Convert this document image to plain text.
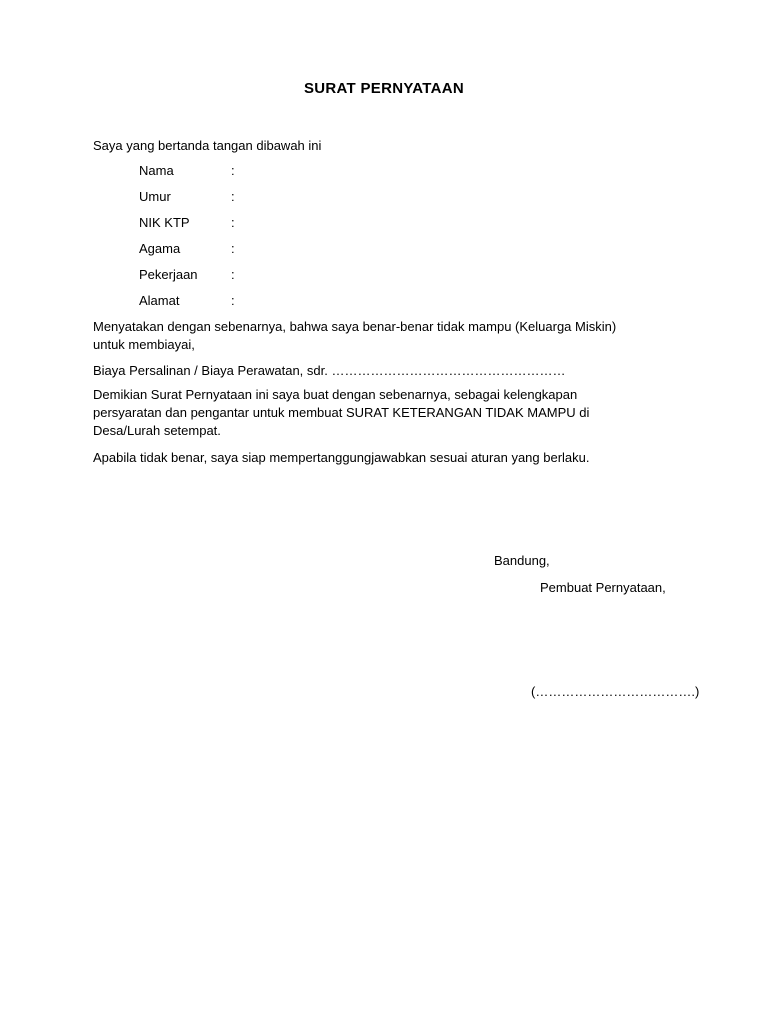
SURAT PERNYATAAN
Saya yang bertanda tangan dibawah ini
Nama	:
Umur	:
NIK KTP	:
Agama	:
Pekerjaan	:
Alamat	:
Menyatakan dengan sebenarnya, bahwa saya benar-benar tidak mampu (Keluarga Miskin)
untuk membiayai,
Biaya Persalinan / Biaya Perawatan, sdr. ………………………………………………
Demikian Surat Pernyataan ini saya buat dengan sebenarnya, sebagai kelengkapan
persyaratan dan pengantar untuk membuat SURAT KETERANGAN TIDAK MAMPU di
Desa/Lurah setempat.
Apabila tidak benar, saya siap mempertanggungjawabkan sesuai aturan yang berlaku.
Bandung,
Pembuat Pernyataan,
(……………………………….)
